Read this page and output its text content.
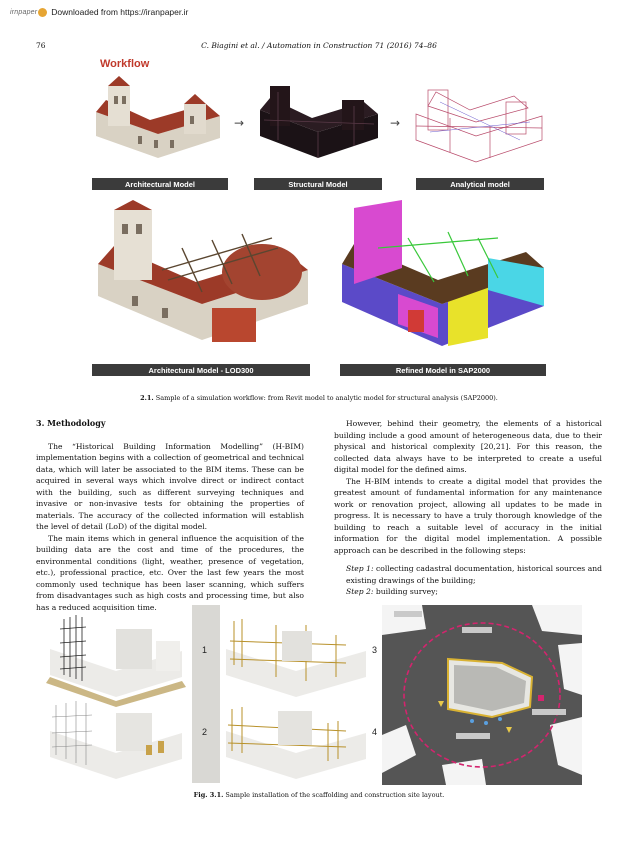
irnpaper Downloaded from https://iranpaper.ir
76	C. Biagini et al. / Automation in Construction 71 (2016) 74–86
Workflow
Architectural Model
→
Structural Model
→
Analytical model
Architectural Model - LOD300	Refined Model in SAP2000
2.1. Sample of a simulation workflow: from Revit model to analytic model for structural analysis (SAP2000).
3. Methodology

The “Historical Building Information Modelling” (H-BIM) implementation begins with a collection of geometrical and technical data, which will later be associated to the BIM items. These can be acquired in several ways which involve direct or indirect contact with the building, such as different surveying techniques and invasive or non-invasive tests for obtaining the properties of materials. The accuracy of the collected information will establish the level of detail (LoD) of the digital model.

The main items which in general influence the acquisition of the building data are the cost and time of the procedures, the environmental conditions (light, weather, presence of vegetation, etc.), professional practice, etc. Over the last few years the most commonly used technique has been laser scanning, which suffers from disadvantages such as high costs and processing time, but also has a reduced acquisition time.

However, behind their geometry, the elements of a historical building include a good amount of heterogeneous data, due to their physical and historical complexity [20,21]. For this reason, the collected data always have to be interpreted to create a useful digital model for the defined aims.

The H-BIM intends to create a digital model that provides the greatest amount of fundamental information for any maintenance work or renovation project, allowing all updates to be made in progress. It is necessary to have a truly thorough knowledge of the building to reach a suitable level of accuracy in the initial information for the digital model implementation. A possible approach can be described in the following steps:

Step 1: collecting cadastral documentation, historical sources and existing drawings of the building;

Step 2: building survey;

1
2
3
4
Fig. 3.1. Sample installation of the scaffolding and construction site layout.
